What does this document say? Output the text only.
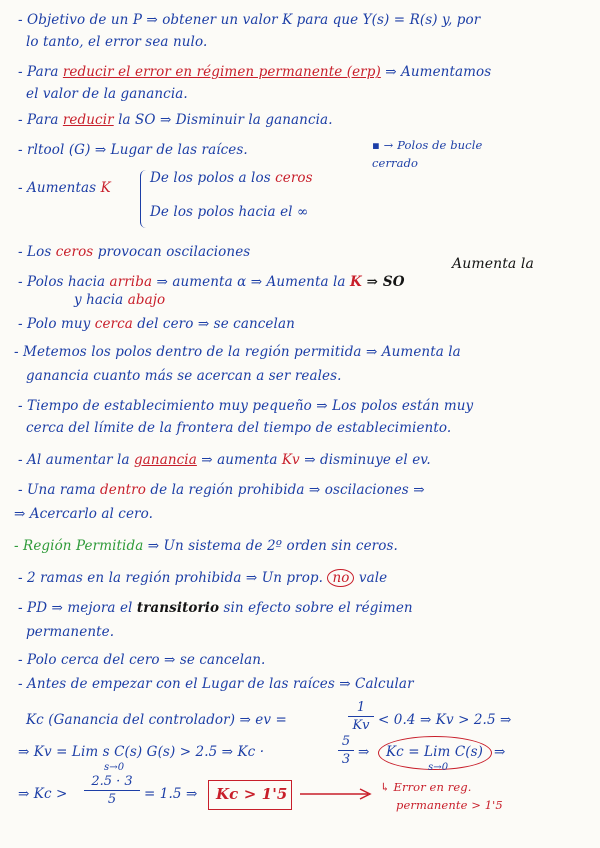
- Objetivo de un P ⇒ obtener un valor K para que Y(s) = R(s) y, por
lo tanto, el error sea nulo.
- Para reducir el error en régimen permanente (erp) ⇒ Aumentamos
el valor de la ganancia.
- Para reducir la SO ⇒ Disminuir la ganancia.
- rltool (G) ⇒ Lugar de las raíces.	▪ → Polos de bucle
cerrado
- Aumentas K
De los polos a los ceros
De los polos hacia el ∞
- Los ceros provocan oscilaciones
Aumenta la
- Polos hacia arriba ⇒ aumenta α ⇒ Aumenta la K ⇒ SO
y hacia abajo
- Polo muy cerca del cero ⇒ se cancelan
- Metemos los polos dentro de la región permitida ⇒ Aumenta la
ganancia cuanto más se acercan a ser reales.
- Tiempo de establecimiento muy pequeño ⇒ Los polos están muy
cerca del límite de la frontera del tiempo de establecimiento.
- Al aumentar la ganancia ⇒ aumenta Kv ⇒ disminuye el ev.
- Una rama dentro de la región prohibida ⇒ oscilaciones ⇒
⇒ Acercarlo al cero.
- Región Permitida ⇒ Un sistema de 2º orden sin ceros.
- 2 ramas en la región prohibida ⇒ Un prop. no vale
- PD ⇒ mejora el transitorio sin efecto sobre el régimen
permanente.
- Polo cerca del cero ⇒ se cancelan.
- Antes de empezar con el Lugar de las raíces ⇒ Calcular
Kc (Ganancia del controlador) ⇒ ev =
1
Kv < 0.4 ⇒ Kv > 2.5 ⇒
⇒ Kv = Lim s C(s) G(s) > 2.5 ⇒ Kc ·
s→0
5
3 ⇒ Kc = Lim C(s)
s→0
⇒
⇒ Kc >
2.5 · 3
5	= 1.5 ⇒ Kc > 1'5	↳ Error en reg.
permanente > 1'5
